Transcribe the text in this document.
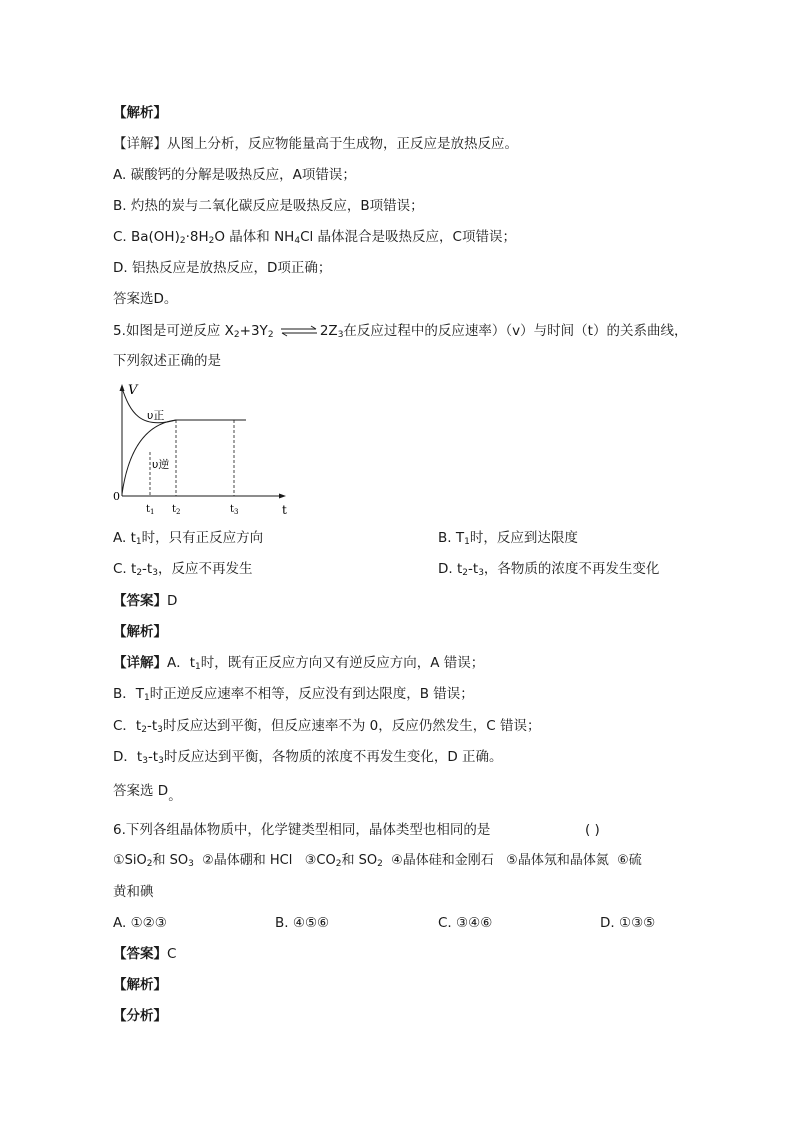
【解析】
【详解】从图上分析，反应物能量高于生成物，正反应是放热反应。
A. 碳酸钙的分解是吸热反应，A项错误；
B. 灼热的炭与二氧化碳反应是吸热反应，B项错误；
C. $Ba(OH)_2\cdot 8H_2O$ 晶体和 $NH_4Cl$ 晶体混合是吸热反应，C项错误；
D. 铝热反应是放热反应，D项正确；
答案选D。
5.如图是可逆反应 $X_2+3Y_2$ ⇌ $2Z_3$在反应过程中的反应速率）（v）与时间（t）的关系曲线，
下列叙述正确的是
V
t
0
υ正
υ逆
$t_1$ $t_2$	$t_3$
A. $t_1$时，只有正反应方向	B. $T_1$时，反应到达限度
C. $t_2-t_3$，反应不再发生	D. $t_2-t_3$，各物质的浓度不再发生变化
【答案】D
【解析】
【详解】A．$t_1$时，既有正反应方向又有逆反应方向，A 错误；
B．$T_1$时正逆反应速率不相等，反应没有到达限度，B 错误；
C．$t_2-t_3$时反应达到平衡，但反应速率不为 0，反应仍然发生，C 错误；
D．$t_3-t_3$时反应达到平衡，各物质的浓度不再发生变化，D 正确。
答案选 D。
6.下列各组晶体物质中，化学键类型相同，晶体类型也相同的是	( )
①SiO$_2$和 $SO_3$  ②晶体硼和 HCl   $③CO_2$和 $SO_2$  ④晶体硅和金刚石   ⑤晶体氖和晶体氮  ⑥硫
黄和碘
A. ①②③	B. ④⑤⑥	C. ③④⑥	D. ①③⑤
【答案】C
【解析】
【分析】
